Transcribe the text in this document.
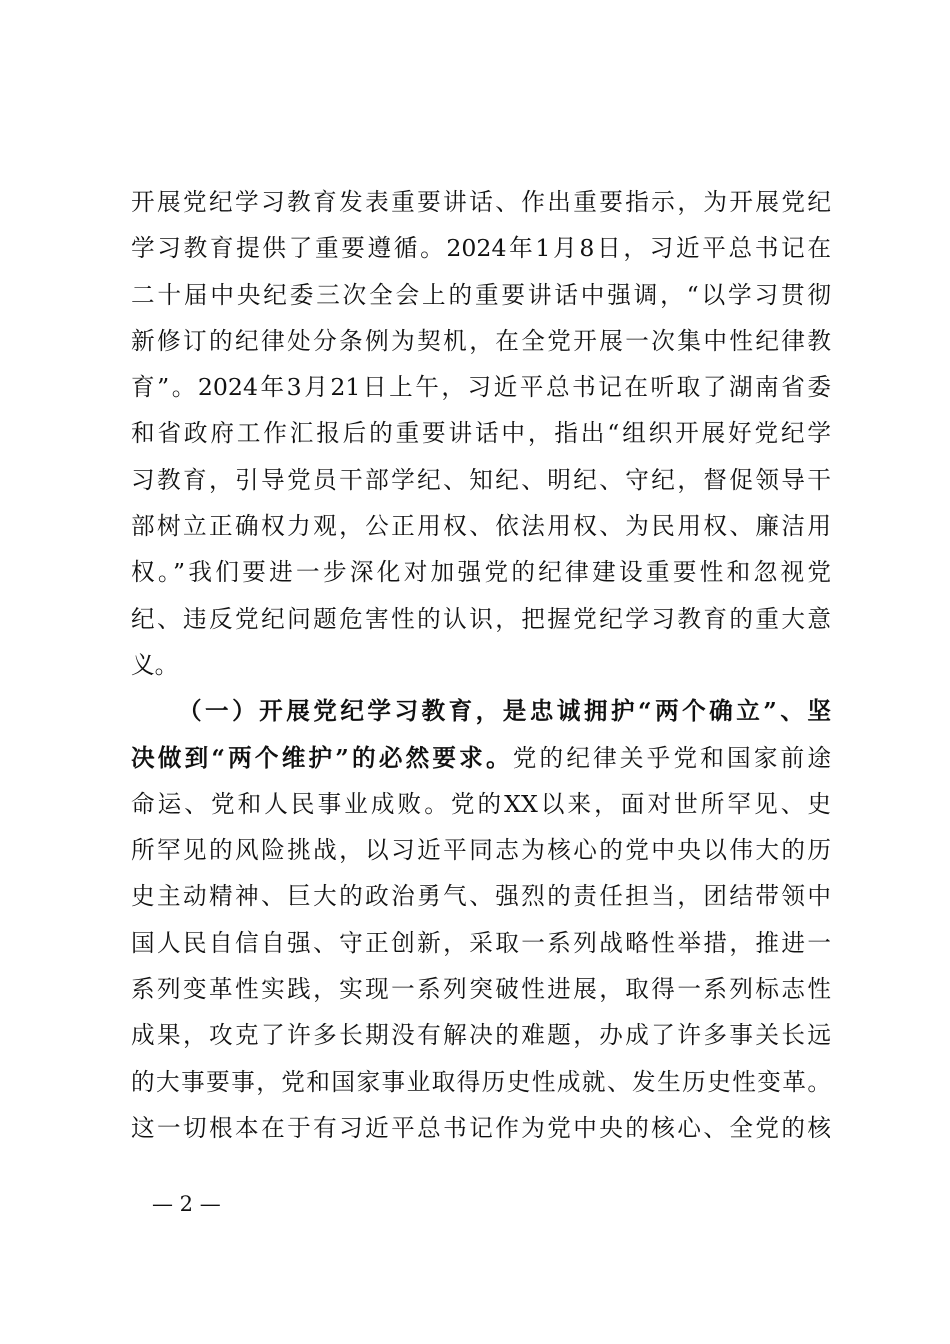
开展党纪学习教育发表重要讲话、作出重要指示，为开展党纪
学习教育提供了重要遵循。2024年1月8日，习近平总书记在
二十届中央纪委三次全会上的重要讲话中强调，“以学习贯彻
新修订的纪律处分条例为契机，在全党开展一次集中性纪律教
育”。2024年3月21日上午，习近平总书记在听取了湖南省委
和省政府工作汇报后的重要讲话中，指出“组织开展好党纪学
习教育，引导党员干部学纪、知纪、明纪、守纪，督促领导干
部树立正确权力观，公正用权、依法用权、为民用权、廉洁用
权。”我们要进一步深化对加强党的纪律建设重要性和忽视党
纪、违反党纪问题危害性的认识，把握党纪学习教育的重大意
义。
（一）开展党纪学习教育，是忠诚拥护“两个确立”、坚
决做到“两个维护”的必然要求。党的纪律关乎党和国家前途
命运、党和人民事业成败。党的XX以来，面对世所罕见、史
所罕见的风险挑战，以习近平同志为核心的党中央以伟大的历
史主动精神、巨大的政治勇气、强烈的责任担当，团结带领中
国人民自信自强、守正创新，采取一系列战略性举措，推进一
系列变革性实践，实现一系列突破性进展，取得一系列标志性
成果，攻克了许多长期没有解决的难题，办成了许多事关长远
的大事要事，党和国家事业取得历史性成就、发生历史性变革。
这一切根本在于有习近平总书记作为党中央的核心、全党的核
— 2 —
